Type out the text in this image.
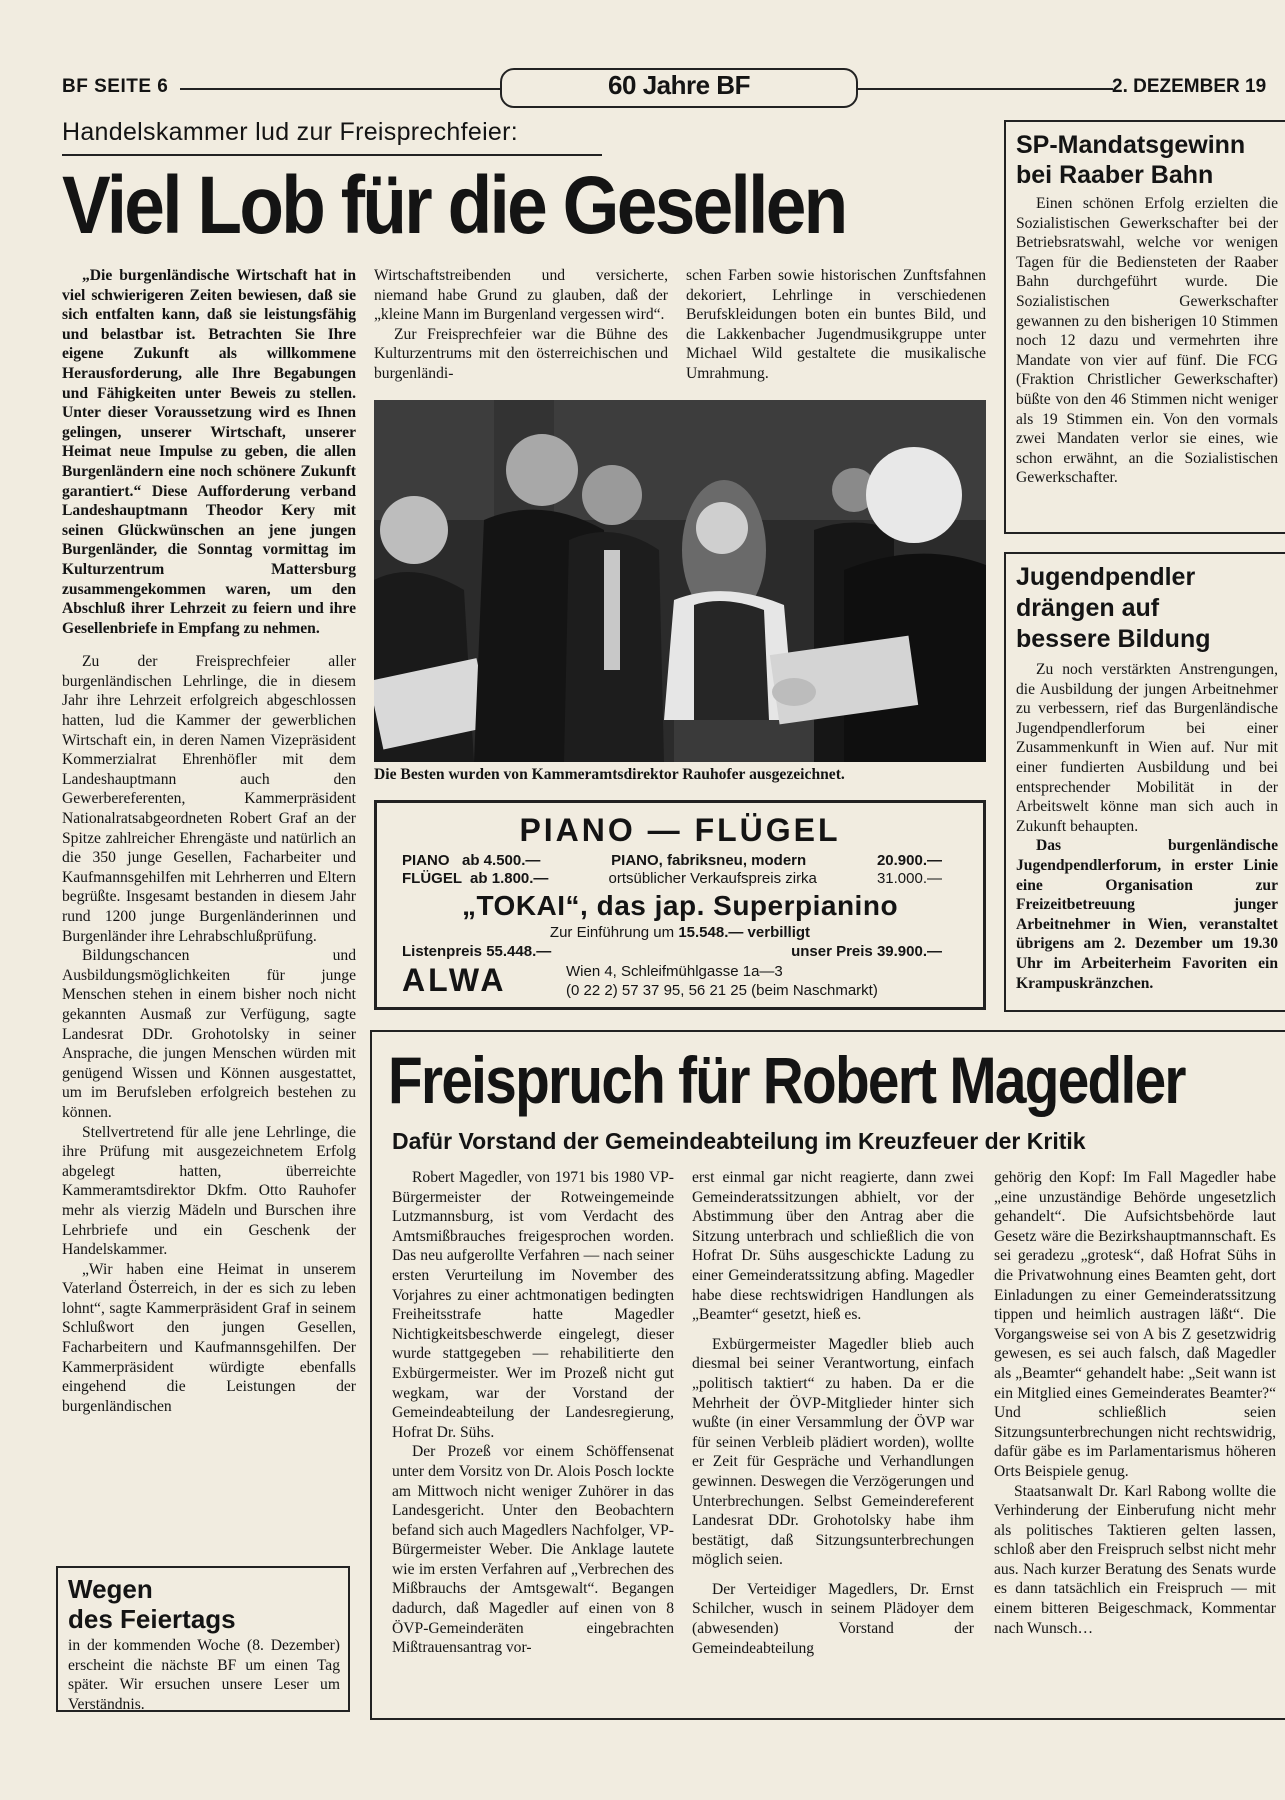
BF SEITE 6	60 Jahre BF	2. DEZEMBER 19
Handelskammer lud zur Freisprechfeier:
Viel Lob für die Gesellen

„Die burgenländische Wirtschaft hat in viel schwierigeren Zeiten bewiesen, daß sie sich entfalten kann, daß sie leistungsfähig und belastbar ist. Betrachten Sie Ihre eigene Zukunft als willkommene Herausforderung, alle Ihre Begabungen und Fähigkeiten unter Beweis zu stellen. Unter dieser Voraussetzung wird es Ihnen gelingen, unserer Wirtschaft, unserer Heimat neue Impulse zu geben, die allen Burgenländern eine noch schönere Zukunft garantiert.“ Diese Aufforderung verband Landeshauptmann Theodor Kery mit seinen Glückwünschen an jene jungen Burgenländer, die Sonntag vormittag im Kulturzentrum Mattersburg zusammengekommen waren, um den Abschluß ihrer Lehrzeit zu feiern und ihre Gesellenbriefe in Empfang zu nehmen.

Zu der Freisprechfeier aller burgenländischen Lehrlinge, die in diesem Jahr ihre Lehrzeit erfolgreich abgeschlossen hatten, lud die Kammer der gewerblichen Wirtschaft ein, in deren Namen Vizepräsident Kommerzialrat Ehrenhöfler mit dem Landeshauptmann auch den Gewerbereferenten, Kammerpräsident Nationalratsabgeordneten Robert Graf an der Spitze zahlreicher Ehrengäste und natürlich an die 350 junge Gesellen, Facharbeiter und Kaufmannsgehilfen mit Lehrherren und Eltern begrüßte. Insgesamt bestanden in diesem Jahr rund 1200 junge Burgenländerinnen und Burgenländer ihre Lehrabschlußprüfung.

Bildungschancen und Ausbildungsmöglichkeiten für junge Menschen stehen in einem bisher noch nicht gekannten Ausmaß zur Verfügung, sagte Landesrat DDr. Grohotolsky in seiner Ansprache, die jungen Menschen würden mit genügend Wissen und Können ausgestattet, um im Berufsleben erfolgreich bestehen zu können.

Stellvertretend für alle jene Lehrlinge, die ihre Prüfung mit ausgezeichnetem Erfolg abgelegt hatten, überreichte Kammeramtsdirektor Dkfm. Otto Rauhofer mehr als vierzig Mädeln und Burschen ihre Lehrbriefe und ein Geschenk der Handelskammer.

„Wir haben eine Heimat in unserem Vaterland Österreich, in der es sich zu leben lohnt“, sagte Kammerpräsident Graf in seinem Schlußwort den jungen Gesellen, Facharbeitern und Kaufmannsgehilfen. Der Kammerpräsident würdigte ebenfalls eingehend die Leistungen der burgenländischen

Wirtschaftstreibenden und versicherte, niemand habe Grund zu glauben, daß der „kleine Mann im Burgenland vergessen wird“.

Zur Freisprechfeier war die Bühne des Kulturzentrums mit den österreichischen und burgenländi-

schen Farben sowie historischen Zunftsfahnen dekoriert, Lehrlinge in verschiedenen Berufskleidungen boten ein buntes Bild, und die Lakkenbacher Jugendmusikgruppe unter Michael Wild gestaltete die musikalische Umrahmung.

Die Besten wurden von Kammeramtsdirektor Rauhofer ausgezeichnet.
PIANO — FLÜGEL
PIANO   ab 4.500.—	PIANO, fabriksneu, modern	20.900.—
FLÜGEL  ab 1.800.—	ortsüblicher Verkaufspreis zirka	31.000.—
„TOKAI“, das jap. Superpianino
Zur Einführung um 15.548.— verbilligt
Listenpreis 55.448.—	unser Preis 39.900.—
ALWA	Wien 4, Schleifmühlgasse 1a—3
(0 22 2) 57 37 95, 56 21 25 (beim Naschmarkt)
Wegen
des Feiertags

in der kommenden Woche (8. Dezember) erscheint die nächste BF um einen Tag später. Wir ersuchen unsere Leser um Verständnis.

SP-Mandatsgewinn
bei Raaber Bahn

Einen schönen Erfolg erzielten die Sozialistischen Gewerkschafter bei der Betriebsratswahl, welche vor wenigen Tagen für die Bediensteten der Raaber Bahn durchgeführt wurde. Die Sozialistischen Gewerkschafter gewannen zu den bisherigen 10 Stimmen noch 12 dazu und vermehrten ihre Mandate von vier auf fünf. Die FCG (Fraktion Christlicher Gewerkschafter) büßte von den 46 Stimmen nicht weniger als 19 Stimmen ein. Von den vormals zwei Mandaten verlor sie eines, wie schon erwähnt, an die Sozialistischen Gewerkschafter.

Jugendpendler
drängen auf
bessere Bildung

Zu noch verstärkten Anstrengungen, die Ausbildung der jungen Arbeitnehmer zu verbessern, rief das Burgenländische Jugendpendlerforum bei einer Zusammenkunft in Wien auf. Nur mit einer fundierten Ausbildung und bei entsprechender Mobilität in der Arbeitswelt könne man sich auch in Zukunft behaupten.

Das burgenländische Jugendpendlerforum, in erster Linie eine Organisation zur Freizeitbetreuung junger Arbeitnehmer in Wien, veranstaltet übrigens am 2. Dezember um 19.30 Uhr im Arbeiterheim Favoriten ein Krampuskränzchen.

Freispruch für Robert Magedler
Dafür Vorstand der Gemeindeabteilung im Kreuzfeuer der Kritik

Robert Magedler, von 1971 bis 1980 VP-Bürgermeister der Rotweingemeinde Lutzmannsburg, ist vom Verdacht des Amtsmißbrauches freigesprochen worden. Das neu aufgerollte Verfahren — nach seiner ersten Verurteilung im November des Vorjahres zu einer achtmonatigen bedingten Freiheitsstrafe hatte Magedler Nichtigkeitsbeschwerde eingelegt, dieser wurde stattgegeben — rehabilitierte den Exbürgermeister. Wer im Prozeß nicht gut wegkam, war der Vorstand der Gemeindeabteilung der Landesregierung, Hofrat Dr. Sühs.

Der Prozeß vor einem Schöffensenat unter dem Vorsitz von Dr. Alois Posch lockte am Mittwoch nicht weniger Zuhörer in das Landesgericht. Unter den Beobachtern befand sich auch Magedlers Nachfolger, VP-Bürgermeister Weber. Die Anklage lautete wie im ersten Verfahren auf „Verbrechen des Mißbrauchs der Amtsgewalt“. Begangen dadurch, daß Magedler auf einen von 8 ÖVP-Gemeinderäten eingebrachten Mißtrauensantrag vor-

erst einmal gar nicht reagierte, dann zwei Gemeinderatssitzungen abhielt, vor der Abstimmung über den Antrag aber die Sitzung unterbrach und schließlich die von Hofrat Dr. Sühs ausgeschickte Ladung zu einer Gemeinderatssitzung abfing. Magedler habe diese rechtswidrigen Handlungen als „Beamter“ gesetzt, hieß es.

Exbürgermeister Magedler blieb auch diesmal bei seiner Verantwortung, einfach „politisch taktiert“ zu haben. Da er die Mehrheit der ÖVP-Mitglieder hinter sich wußte (in einer Versammlung der ÖVP war für seinen Verbleib plädiert worden), wollte er Zeit für Gespräche und Verhandlungen gewinnen. Deswegen die Verzögerungen und Unterbrechungen. Selbst Gemeindereferent Landesrat DDr. Grohotolsky habe ihm bestätigt, daß Sitzungsunterbrechungen möglich seien.

Der Verteidiger Magedlers, Dr. Ernst Schilcher, wusch in seinem Plädoyer dem (abwesenden) Vorstand der Gemeindeabteilung

gehörig den Kopf: Im Fall Magedler habe „eine unzuständige Behörde ungesetzlich gehandelt“. Die Aufsichtsbehörde laut Gesetz wäre die Bezirkshauptmannschaft. Es sei geradezu „grotesk“, daß Hofrat Sühs in die Privatwohnung eines Beamten geht, dort Einladungen zu einer Gemeinderatssitzung tippen und heimlich austragen läßt“. Die Vorgangsweise sei von A bis Z gesetzwidrig gewesen, es sei auch falsch, daß Magedler als „Beamter“ gehandelt habe: „Seit wann ist ein Mitglied eines Gemeinderates Beamter?“ Und schließlich seien Sitzungsunterbrechungen nicht rechtswidrig, dafür gäbe es im Parlamentarismus höheren Orts Beispiele genug.

Staatsanwalt Dr. Karl Rabong wollte die Verhinderung der Einberufung nicht mehr als politisches Taktieren gelten lassen, schloß aber den Freispruch selbst nicht mehr aus. Nach kurzer Beratung des Senats wurde es dann tatsächlich ein Freispruch — mit einem bitteren Beigeschmack, Kommentar nach Wunsch…
